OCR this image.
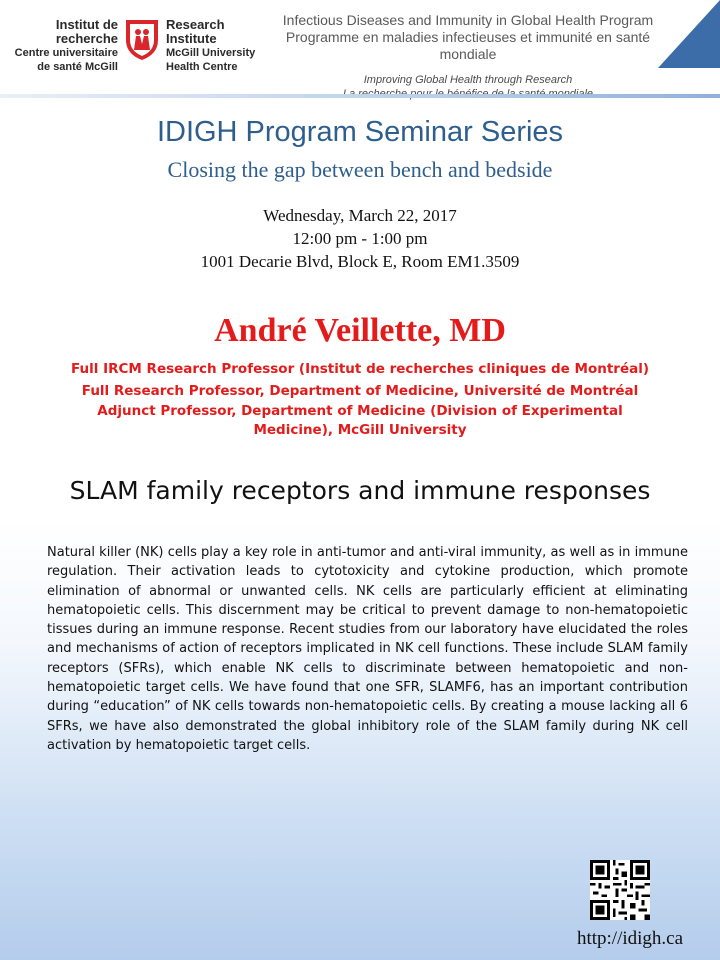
Institut de
recherche
Centre universitaire
de santé McGill
Research
Institute
McGill University
Health Centre
Infectious Diseases and Immunity in Global Health Program
Programme en maladies infectieuses et immunité en santé mondiale
Improving Global Health through Research
IDIGH Program Seminar Series
Closing the gap between bench and bedside
Wednesday, March 22, 2017
12:00 pm - 1:00 pm
1001 Decarie Blvd, Block E, Room EM1.3509
André Veillette, MD
Full IRCM Research Professor (Institut de recherches cliniques de Montréal)
Full Research Professor, Department of Medicine, Université de Montréal
Adjunct Professor, Department of Medicine (Division of Experimental
Medicine), McGill University
SLAM family receptors and immune responses
Natural killer (NK) cells play a key role in anti-tumor and anti-viral immunity, as well as in immune regulation. Their activation leads to cytotoxicity and cytokine production, which promote elimination of abnormal or unwanted cells. NK cells are particularly efficient at eliminating hematopoietic cells. This discernment may be critical to prevent damage to non-hematopoietic tissues during an immune response. Recent studies from our laboratory have elucidated the roles and mechanisms of action of receptors implicated in NK cell functions. These include SLAM family receptors (SFRs), which enable NK cells to discriminate between hematopoietic and non-hematopoietic target cells. We have found that one SFR, SLAMF6, has an important contribution during “education” of NK cells towards non-hematopoietic cells. By creating a mouse lacking all 6 SFRs, we have also demonstrated the global inhibitory role of the SLAM family during NK cell activation by hematopoietic target cells.
http://idigh.ca
